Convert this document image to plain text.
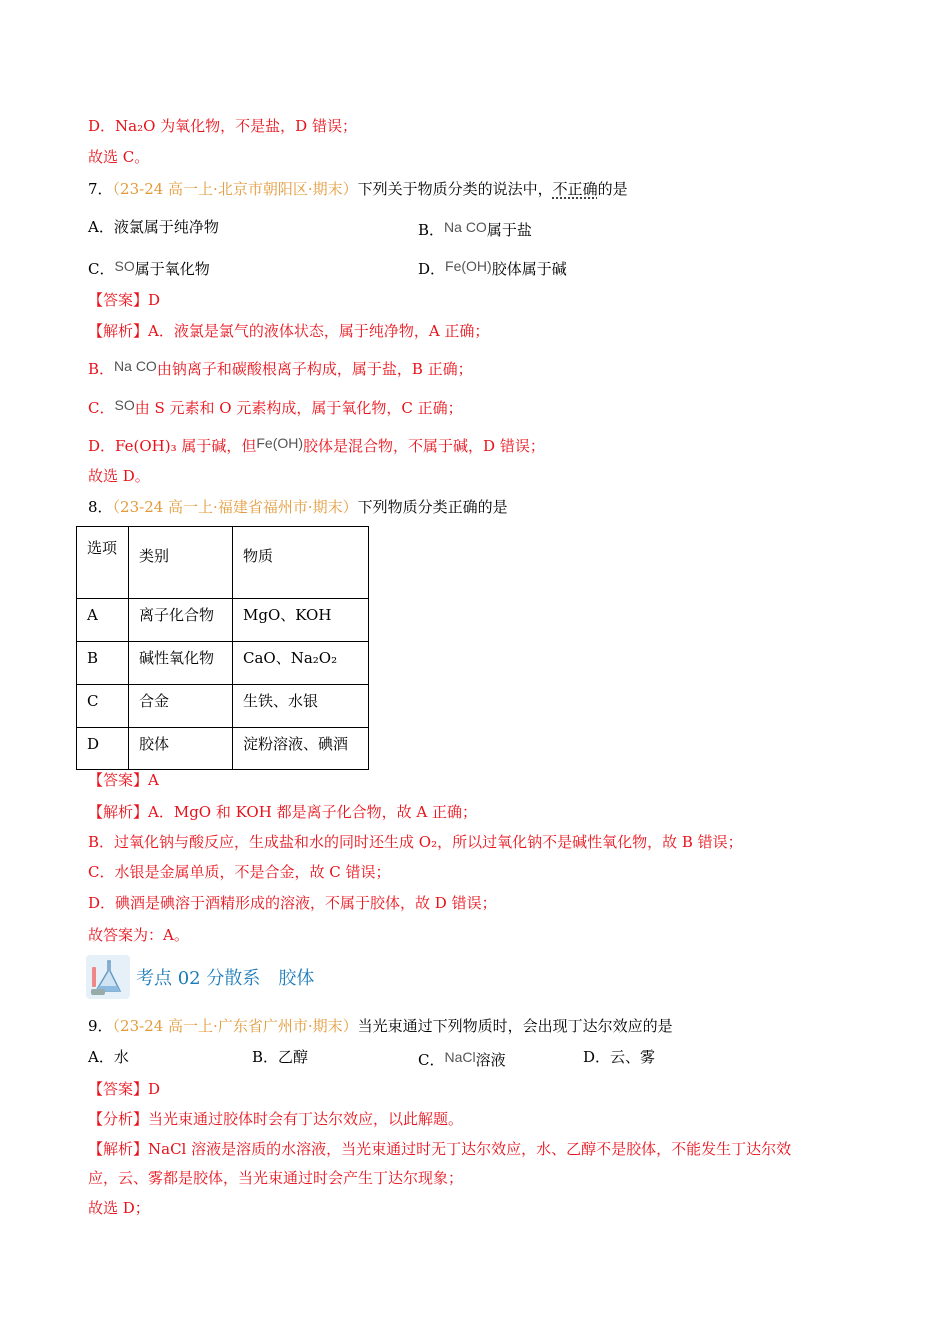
D．Na₂O 为氧化物，不是盐，D 错误；
故选 C。
7．（23-24 高一上·北京市朝阳区·期末）下列关于物质分类的说法中，不正确的是
A．液氯属于纯净物	B．Na CO属于盐
C．SO属于氧化物	D．Fe(OH)胶体属于碱
【答案】D
【解析】A．液氯是氯气的液体状态，属于纯净物，A 正确；
B．Na CO由钠离子和碳酸根离子构成，属于盐，B 正确；
C．SO由 S 元素和 O 元素构成，属于氧化物，C 正确；
D．Fe(OH)₃ 属于碱，但Fe(OH)胶体是混合物，不属于碱，D 错误；
故选 D。
8．（23-24 高一上·福建省福州市·期末）下列物质分类正确的是
选项	类别	物质
A	离子化合物	MgO、KOH
B	碱性氧化物	CaO、Na₂O₂
C	合金	生铁、水银
D	胶体	淀粉溶液、碘酒
【答案】A
【解析】A．MgO 和 KOH 都是离子化合物，故 A 正确；
B．过氧化钠与酸反应，生成盐和水的同时还生成 O₂，所以过氧化钠不是碱性氧化物，故 B 错误；
C．水银是金属单质，不是合金，故 C 错误；
D．碘酒是碘溶于酒精形成的溶液，不属于胶体，故 D 错误；
故答案为：A。
考点 02 分散系　胶体
9．（23-24 高一上·广东省广州市·期末）当光束通过下列物质时，会出现丁达尔效应的是
A．水	B．乙醇	C．NaCl溶液	D．云、雾
【答案】D
【分析】当光束通过胶体时会有丁达尔效应，以此解题。
【解析】NaCl 溶液是溶质的水溶液，当光束通过时无丁达尔效应，水、乙醇不是胶体，不能发生丁达尔效
应，云、雾都是胶体，当光束通过时会产生丁达尔现象；
故选 D；
